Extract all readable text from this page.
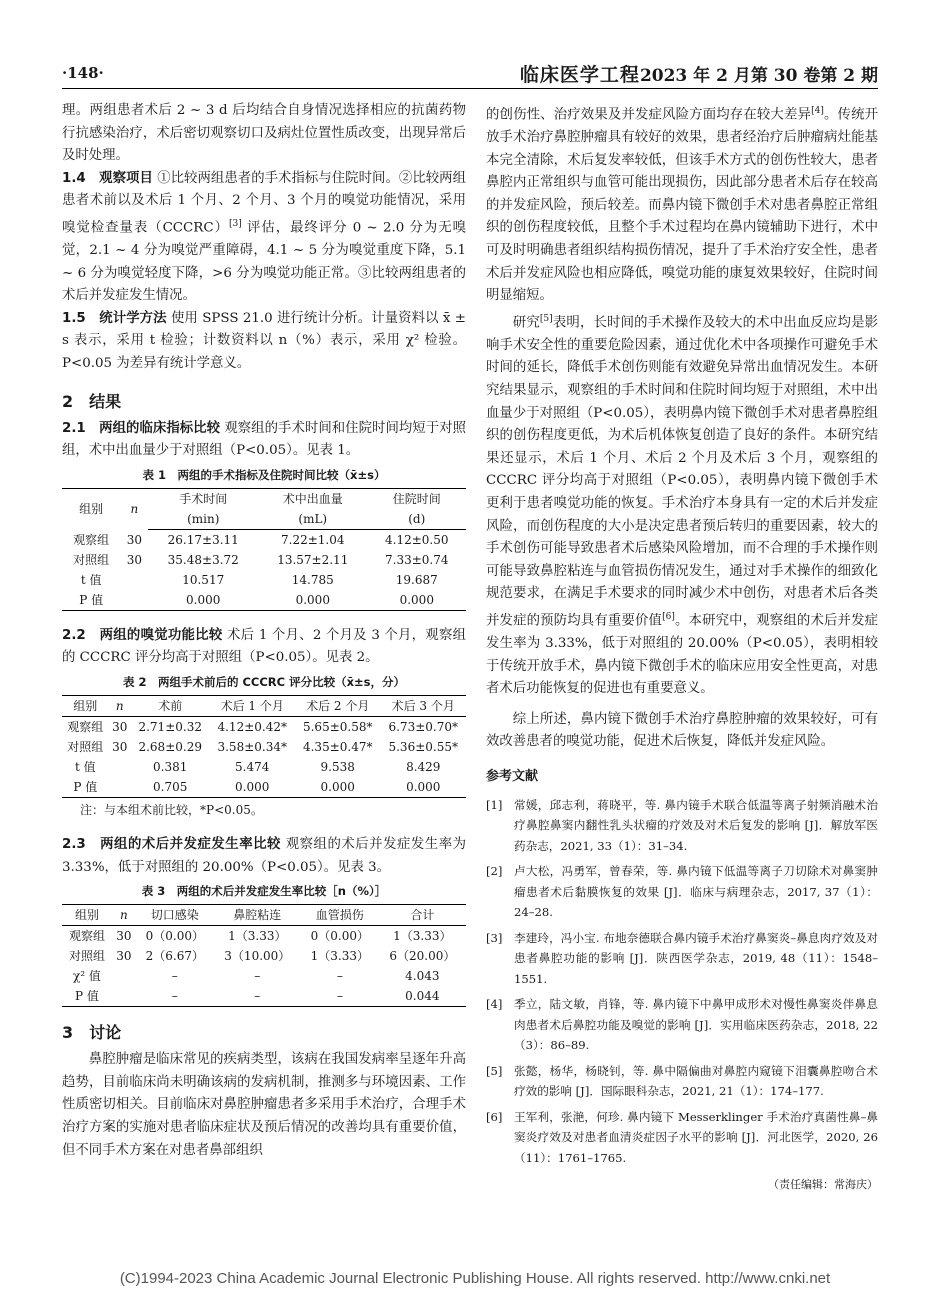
·148·	临床医学工程2023 年 2 月第 30 卷第 2 期

理。两组患者术后 2 ~ 3 d 后均结合自身情况选择相应的抗菌药物行抗感染治疗，术后密切观察切口及病灶位置性质改变，出现异常后及时处理。

1.4　观察项目 ①比较两组患者的手术指标与住院时间。②比较两组患者术前以及术后 1 个月、2 个月、3 个月的嗅觉功能情况，采用嗅觉检查量表（CCCRC）[3] 评估，最终评分 0 ~ 2.0 分为无嗅觉，2.1 ~ 4 分为嗅觉严重障碍，4.1 ~ 5 分为嗅觉重度下降，5.1 ~ 6 分为嗅觉轻度下降，>6 分为嗅觉功能正常。③比较两组患者的术后并发症发生情况。

1.5　统计学方法 使用 SPSS 21.0 进行统计分析。计量资料以 x̄ ± s 表示，采用 t 检验；计数资料以 n（%）表示，采用 χ² 检验。P<0.05 为差异有统计学意义。

2　结果

2.1　两组的临床指标比较 观察组的手术时间和住院时间均短于对照组，术中出血量少于对照组（P<0.05）。见表 1。

表 1　两组的手术指标及住院时间比较（x̄±s）
组别	n	手术时间	术中出血量	住院时间
		(min)	(mL)	(d)
观察组	30	26.17±3.11	7.22±1.04	4.12±0.50
对照组	30	35.48±3.72	13.57±2.11	7.33±0.74
t 值		10.517	14.785	19.687
P 值		0.000	0.000	0.000

2.2　两组的嗅觉功能比较 术后 1 个月、2 个月及 3 个月，观察组的 CCCRC 评分均高于对照组（P<0.05）。见表 2。

表 2　两组手术前后的 CCCRC 评分比较（x̄±s，分）
组别	n	术前	术后 1 个月	术后 2 个月	术后 3 个月
观察组	30	2.71±0.32	4.12±0.42*	5.65±0.58*	6.73±0.70*
对照组	30	2.68±0.29	3.58±0.34*	4.35±0.47*	5.36±0.55*
t 值		0.381	5.474	9.538	8.429
P 值		0.705	0.000	0.000	0.000
注：与本组术前比较，*P<0.05。

2.3　两组的术后并发症发生率比较 观察组的术后并发症发生率为 3.33%，低于对照组的 20.00%（P<0.05）。见表 3。

表 3　两组的术后并发症发生率比较［n（%）］
组别	n	切口感染	鼻腔粘连	血管损伤	合计
观察组	30	0（0.00）	1（3.33）	0（0.00）	1（3.33）
对照组	30	2（6.67）	3（10.00）	1（3.33）	6（20.00）
χ² 值		–	–	–	4.043
P 值		–	–	–	0.044
3　讨论

鼻腔肿瘤是临床常见的疾病类型，该病在我国发病率呈逐年升高趋势，目前临床尚未明确该病的发病机制，推测多与环境因素、工作性质密切相关。目前临床对鼻腔肿瘤患者多采用手术治疗，合理手术治疗方案的实施对患者临床症状及预后情况的改善均具有重要价值，但不同手术方案在对患者鼻部组织

的创伤性、治疗效果及并发症风险方面均存在较大差异[4]。传统开放手术治疗鼻腔肿瘤具有较好的效果，患者经治疗后肿瘤病灶能基本完全清除，术后复发率较低，但该手术方式的创伤性较大，患者鼻腔内正常组织与血管可能出现损伤，因此部分患者术后存在较高的并发症风险，预后较差。而鼻内镜下微创手术对患者鼻腔正常组织的创伤程度较低，且整个手术过程均在鼻内镜辅助下进行，术中可及时明确患者组织结构损伤情况，提升了手术治疗安全性，患者术后并发症风险也相应降低，嗅觉功能的康复效果较好，住院时间明显缩短。

研究[5]表明，长时间的手术操作及较大的术中出血反应均是影响手术安全性的重要危险因素，通过优化术中各项操作可避免手术时间的延长，降低手术创伤则能有效避免异常出血情况发生。本研究结果显示，观察组的手术时间和住院时间均短于对照组，术中出血量少于对照组（P<0.05），表明鼻内镜下微创手术对患者鼻腔组织的创伤程度更低，为术后机体恢复创造了良好的条件。本研究结果还显示，术后 1 个月、术后 2 个月及术后 3 个月，观察组的 CCCRC 评分均高于对照组（P<0.05），表明鼻内镜下微创手术更利于患者嗅觉功能的恢复。手术治疗本身具有一定的术后并发症风险，而创伤程度的大小是决定患者预后转归的重要因素，较大的手术创伤可能导致患者术后感染风险增加，而不合理的手术操作则可能导致鼻腔粘连与血管损伤情况发生，通过对手术操作的细致化规范要求，在满足手术要求的同时减少术中创伤，对患者术后各类并发症的预防均具有重要价值[6]。本研究中，观察组的术后并发症发生率为 3.33%，低于对照组的 20.00%（P<0.05），表明相较于传统开放手术，鼻内镜下微创手术的临床应用安全性更高，对患者术后功能恢复的促进也有重要意义。

综上所述，鼻内镜下微创手术治疗鼻腔肿瘤的效果较好，可有效改善患者的嗅觉功能，促进术后恢复，降低并发症风险。

参考文献
[1] 常媛，邱志利，蒋晓平，等. 鼻内镜手术联合低温等离子射频消融术治疗鼻腔鼻窦内翻性乳头状瘤的疗效及对术后复发的影响 [J]．解放军医药杂志，2021, 33（1）：31–34.
[2] 卢大松，冯勇军，曾春荣，等. 鼻内镜下低温等离子刀切除术对鼻窦肿瘤患者术后黏膜恢复的效果 [J]．临床与病理杂志，2017, 37（1）：24–28.
[3] 李建玲，冯小宝. 布地奈德联合鼻内镜手术治疗鼻窦炎–鼻息肉疗效及对患者鼻腔功能的影响 [J]．陕西医学杂志，2019, 48（11）：1548–1551.
[4] 季立，陆文敏，肖锋，等. 鼻内镜下中鼻甲成形术对慢性鼻窦炎伴鼻息肉患者术后鼻腔功能及嗅觉的影响 [J]．实用临床医药杂志，2018, 22（3）：86–89.
[5] 张懿，杨华，杨晓钊，等. 鼻中隔偏曲对鼻腔内窥镜下泪囊鼻腔吻合术疗效的影响 [J]．国际眼科杂志，2021, 21（1）：174–177.
[6] 王军利，张滟，何珍. 鼻内镜下 Messerklinger 手术治疗真菌性鼻–鼻窦炎疗效及对患者血清炎症因子水平的影响 [J]．河北医学，2020, 26（11）：1761–1765.
（责任编辑：常海庆）
(C)1994-2023 China Academic Journal Electronic Publishing House. All rights reserved. http://www.cnki.net
